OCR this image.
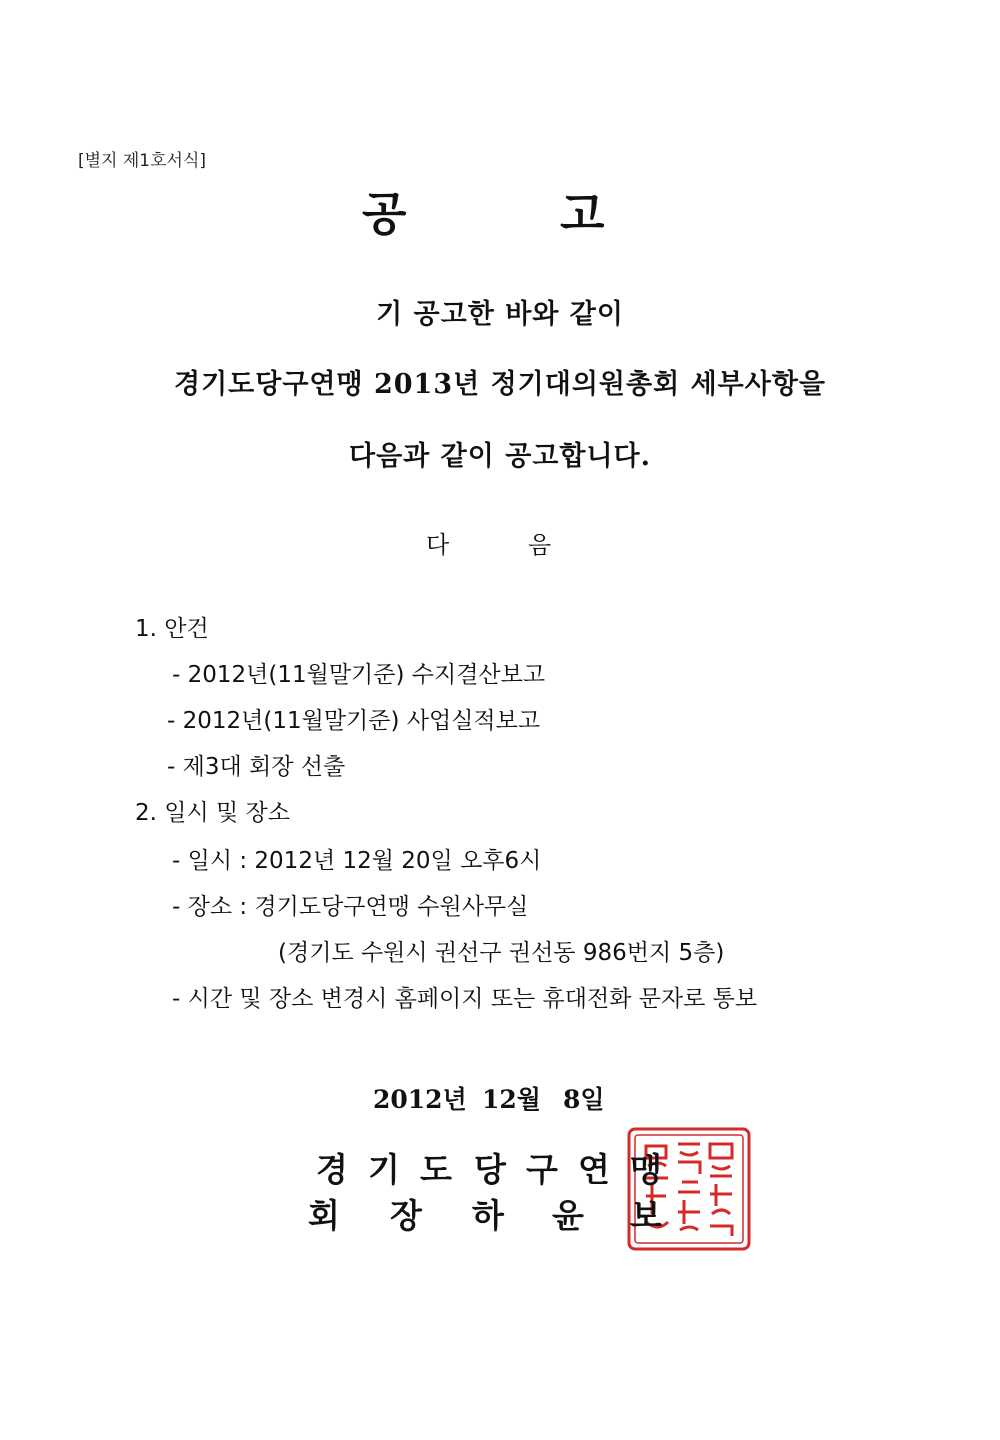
[별지 제1호서식]
공	고
기 공고한 바와 같이
경기도당구연맹 2013년 정기대의원총회 세부사항을
다음과 같이 공고합니다.
다	음
1. 안건
- 2012년(11월말기준) 수지결산보고
- 2012년(11월말기준) 사업실적보고
- 제3대 회장 선출
2. 일시 및 장소
- 일시 : 2012년 12월 20일 오후6시
- 장소 : 경기도당구연맹 수원사무실
(경기도 수원시 권선구 권선동 986번지 5층)
- 시간 및 장소 변경시 홈페이지 또는 휴대전화 문자로 통보
2012년 12월 8일
경 기 도 당 구 연 맹
회 장 하 윤 보
